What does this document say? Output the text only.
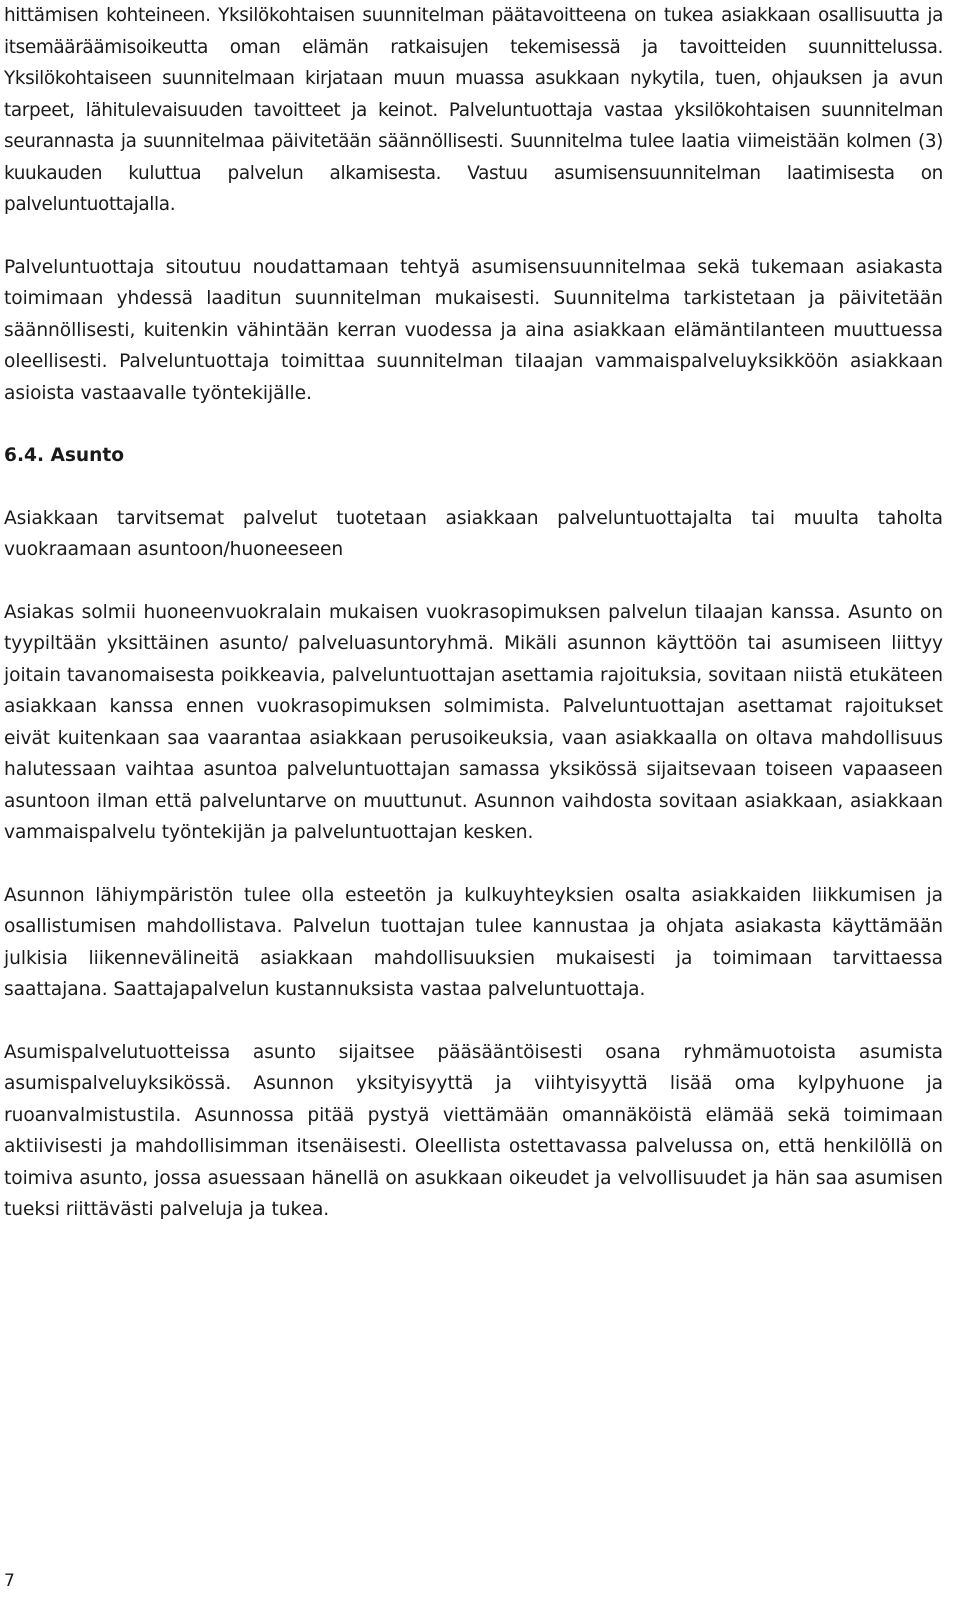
hittämisen kohteineen. Yksilökohtaisen suunnitelman päätavoitteena on tukea asiakkaan osallisuutta ja itsemääräämisoikeutta oman elämän ratkaisujen tekemisessä ja tavoitteiden suunnittelussa. Yksilökohtaiseen suunnitelmaan kirjataan muun muassa asukkaan nykytila, tuen, ohjauksen ja avun tarpeet, lähitulevaisuuden tavoitteet ja keinot. Palveluntuottaja vastaa yksilökohtaisen suunnitelman seurannasta ja suunnitelmaa päivitetään säännöllisesti. Suunnitelma tulee laatia viimeistään kolmen (3) kuukauden kuluttua palvelun alkamisesta. Vastuu asumisensuunnitelman laatimisesta on palveluntuottajalla.

Palveluntuottaja sitoutuu noudattamaan tehtyä asumisensuunnitelmaa sekä tukemaan asiakasta toimimaan yhdessä laaditun suunnitelman mukaisesti. Suunnitelma tarkistetaan ja päivitetään säännöllisesti, kuitenkin vähintään kerran vuodessa ja aina asiakkaan elämäntilanteen muuttuessa oleellisesti. Palveluntuottaja toimittaa suunnitelman tilaajan vammaispalveluyksikköön asiakkaan asioista vastaavalle työntekijälle.

6.4. Asunto

Asiakkaan tarvitsemat palvelut tuotetaan asiakkaan palveluntuottajalta tai muulta taholta vuokraamaan asuntoon/huoneeseen

Asiakas solmii huoneenvuokralain mukaisen vuokrasopimuksen palvelun tilaajan kanssa. Asunto on tyypiltään yksittäinen asunto/ palveluasuntoryhmä. Mikäli asunnon käyttöön tai asumiseen liittyy joitain tavanomaisesta poikkeavia, palveluntuottajan asettamia rajoituksia, sovitaan niistä etukäteen asiakkaan kanssa ennen vuokrasopimuksen solmimista. Palveluntuottajan asettamat rajoitukset eivät kuitenkaan saa vaarantaa asiakkaan perusoikeuksia, vaan asiakkaalla on oltava mahdollisuus halutessaan vaihtaa asuntoa palveluntuottajan samassa yksikössä sijaitsevaan toiseen vapaaseen asuntoon ilman että palveluntarve on muuttunut. Asunnon vaihdosta sovitaan asiakkaan, asiakkaan vammaispalvelu työntekijän ja palveluntuottajan kesken.

Asunnon lähiympäristön tulee olla esteetön ja kulkuyhteyksien osalta asiakkaiden liikkumisen ja osallistumisen mahdollistava. Palvelun tuottajan tulee kannustaa ja ohjata asiakasta käyttämään julkisia liikennevälineitä asiakkaan mahdollisuuksien mukaisesti ja toimimaan tarvittaessa saattajana. Saattajapalvelun kustannuksista vastaa palveluntuottaja.

Asumispalvelutuotteissa asunto sijaitsee pääsääntöisesti osana ryhmämuotoista asumista asumispalveluyksikössä. Asunnon yksityisyyttä ja viihtyisyyttä lisää oma kylpyhuone ja ruoanvalmistustila. Asunnossa pitää pystyä viettämään omannäköistä elämää sekä toimimaan aktiivisesti ja mahdollisimman itsenäisesti. Oleellista ostettavassa palvelussa on, että henkilöllä on toimiva asunto, jossa asuessaan hänellä on asukkaan oikeudet ja velvollisuudet ja hän saa asumisen tueksi riittävästi palveluja ja tukea.

7
